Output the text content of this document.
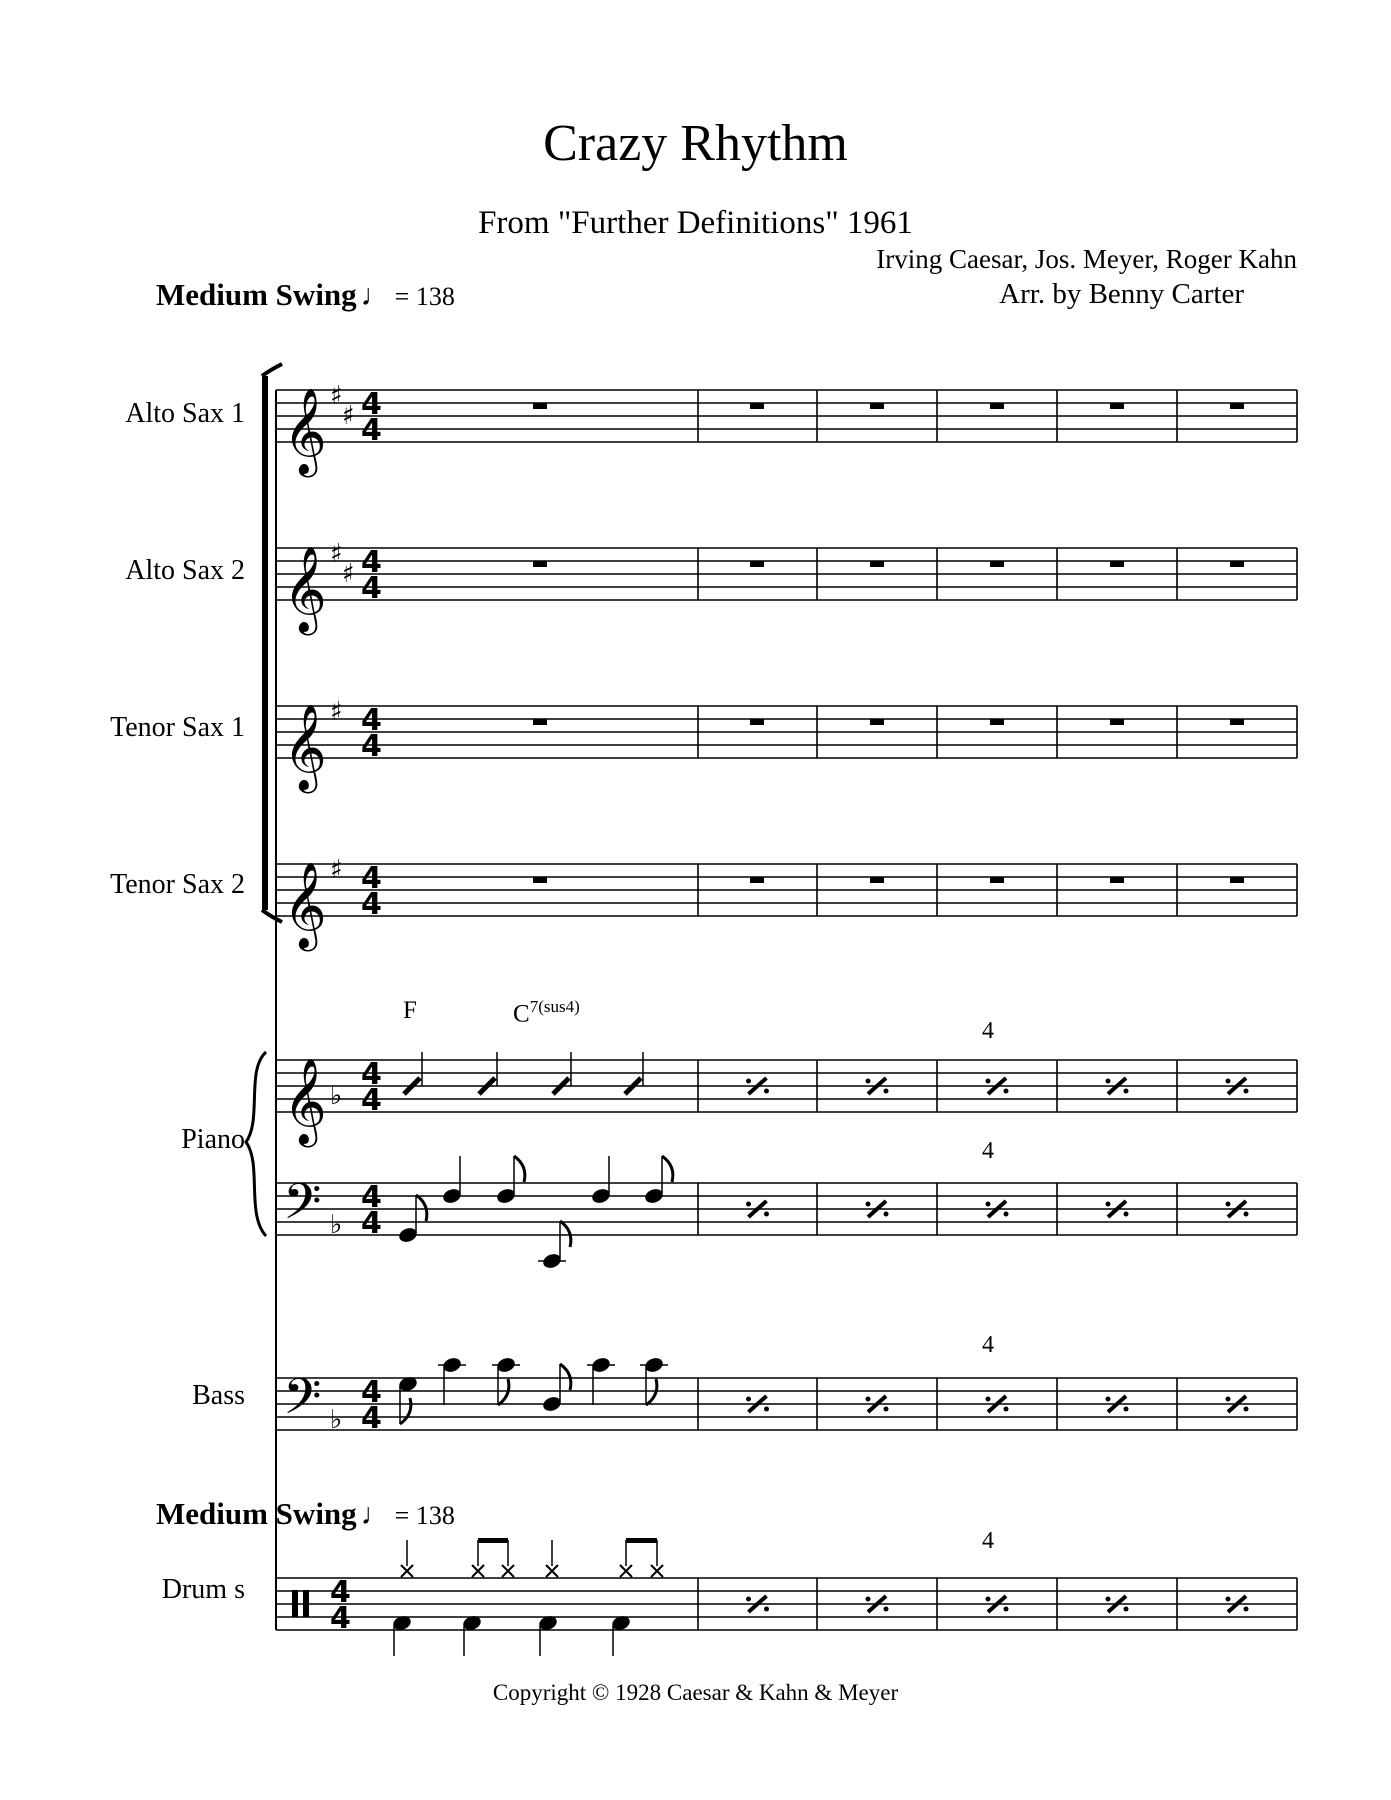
Crazy Rhythm
From "Further Definitions" 1961
Irving Caesar, Jos. Meyer, Roger Kahn
Arr. by Benny Carter
Medium Swing ♩ = 138
Medium Swing ♩ = 138
Alto Sax 1
Alto Sax 2
Tenor Sax 1
Tenor Sax 2
Piano
Bass
Drum s
F	$C^{7(sus4)}$
4
4
4
4
𝄞 ♯
♯ 4
4
𝄞 ♯
♯ 4
4
𝄞 ♯ 4
4
𝄞 ♯ 4
4
𝄞 ♭
4
4
𝄢 ♭
4
4
𝄢 ♭
4
4
4
4
Copyright © 1928 Caesar & Kahn & Meyer
